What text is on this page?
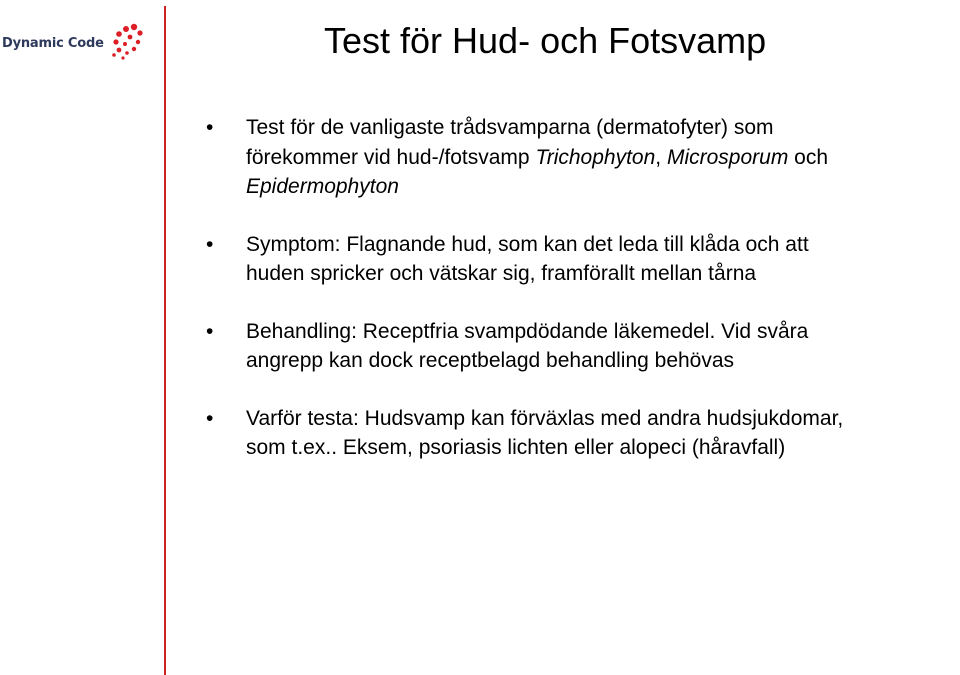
Dynamic Code	Test för Hud- och Fotsvamp
•	Test för de vanligaste trådsvamparna (dermatofyter) som
förekommer vid hud-/fotsvamp Trichophyton, Microsporum och
Epidermophyton
•	Symptom: Flagnande hud, som kan det leda till klåda och att
huden spricker och vätskar sig, framförallt mellan tårna
•	Behandling: Receptfria svampdödande läkemedel. Vid svåra
angrepp kan dock receptbelagd behandling behövas
•	Varför testa: Hudsvamp kan förväxlas med andra hudsjukdomar,
som t.ex.. Eksem, psoriasis lichten eller alopeci (håravfall)
